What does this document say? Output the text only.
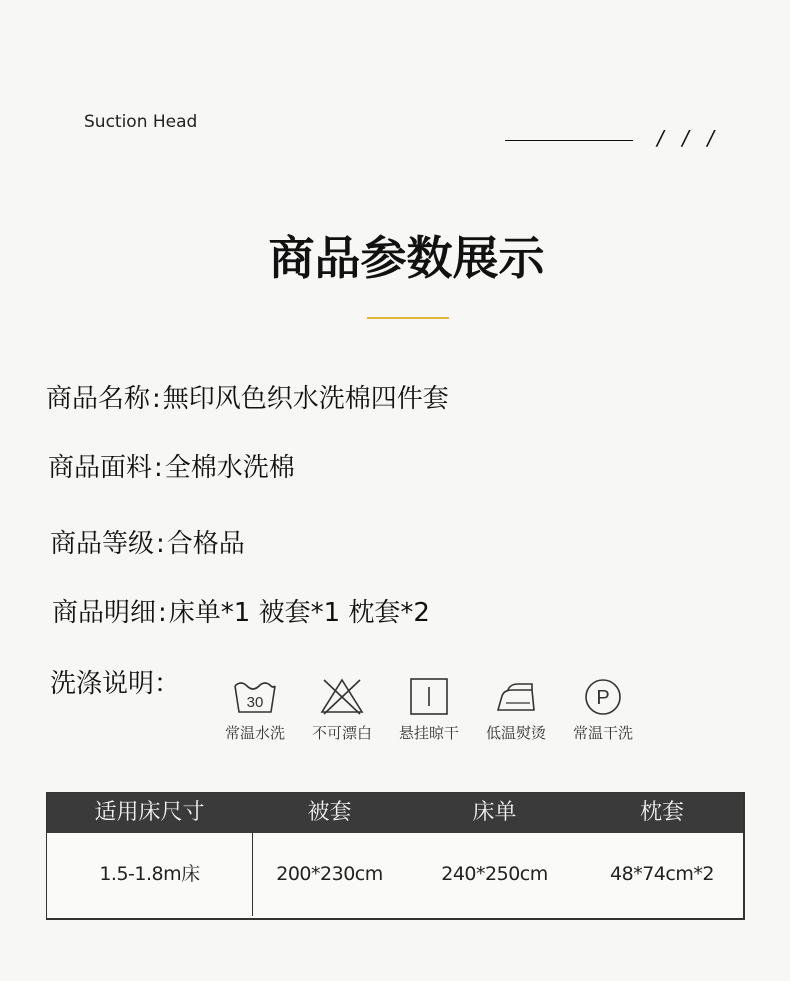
Suction Head
/ / /
商品参数展示
商品名称:無印风色织水洗棉四件套
商品面料:全棉水洗棉
商品等级:合格品
商品明细:床单*1 被套*1 枕套*2
洗涤说明：
30
常温水洗	不可漂白	悬挂晾干	低温熨烫
P
常温干洗
适用床尺寸	被套	床单	枕套
1.5-1.8m床	200*230cm	240*250cm	48*74cm*2
